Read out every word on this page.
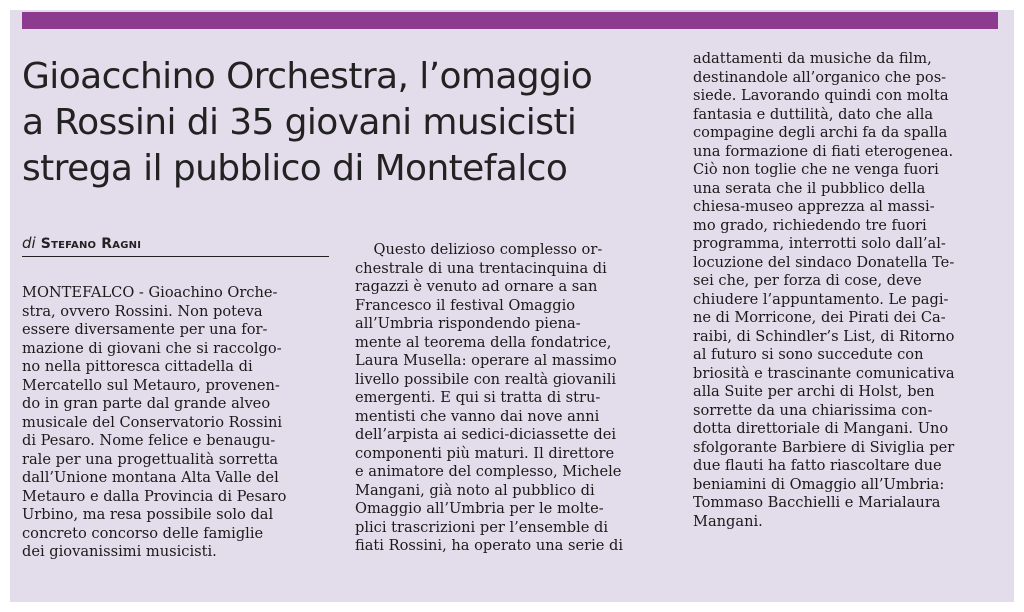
Gioacchino Orchestra, l’omaggio
a Rossini di 35 giovani musicisti
strega il pubblico di Montefalco
di Stefano Ragni
MONTEFALCO - Gioachino Orche-
stra, ovvero Rossini. Non poteva
essere diversamente per una for-
mazione di giovani che si raccolgo-
no nella pittoresca cittadella di
Mercatello sul Metauro, provenen-
do in gran parte dal grande alveo
musicale del Conservatorio Rossini
di Pesaro. Nome felice e benaugu-
rale per una progettualità sorretta
dall’Unione montana Alta Valle del
Metauro e dalla Provincia di Pesaro
Urbino, ma resa possibile solo dal
concreto concorso delle famiglie
dei giovanissimi musicisti.
Questo delizioso complesso or-
chestrale di una trentacinquina di
ragazzi è venuto ad ornare a san
Francesco il festival Omaggio
all’Umbria rispondendo piena-
mente al teorema della fondatrice,
Laura Musella: operare al massimo
livello possibile con realtà giovanili
emergenti. E qui si tratta di stru-
mentisti che vanno dai nove anni
dell’arpista ai sedici-diciassette dei
componenti più maturi. Il direttore
e animatore del complesso, Michele
Mangani, già noto al pubblico di
Omaggio all’Umbria per le molte-
plici trascrizioni per l’ensemble di
fiati Rossini, ha operato una serie di
adattamenti da musiche da film,
destinandole all’organico che pos-
siede. Lavorando quindi con molta
fantasia e duttilità, dato che alla
compagine degli archi fa da spalla
una formazione di fiati eterogenea.
Ciò non toglie che ne venga fuori
una serata che il pubblico della
chiesa-museo apprezza al massi-
mo grado, richiedendo tre fuori
programma, interrotti solo dall’al-
locuzione del sindaco Donatella Te-
sei che, per forza di cose, deve
chiudere l’appuntamento. Le pagi-
ne di Morricone, dei Pirati dei Ca-
raibi, di Schindler’s List, di Ritorno
al futuro si sono succedute con
briosità e trascinante comunicativa
alla Suite per archi di Holst, ben
sorrette da una chiarissima con-
dotta direttoriale di Mangani. Uno
sfolgorante Barbiere di Siviglia per
due flauti ha fatto riascoltare due
beniamini di Omaggio all’Umbria:
Tommaso Bacchielli e Marialaura
Mangani.
